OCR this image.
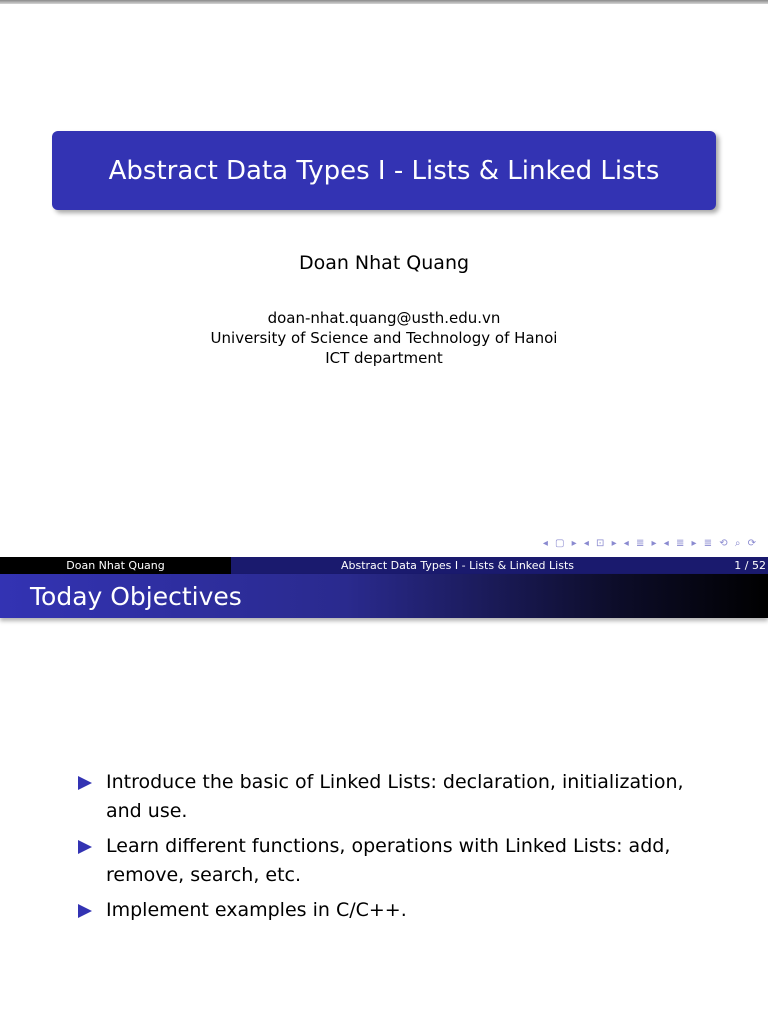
Abstract Data Types I - Lists & Linked Lists
Doan Nhat Quang
doan-nhat.quang@usth.edu.vn
University of Science and Technology of Hanoi
ICT department
◂ ▢ ▸ ◂ ⊡ ▸ ◂ ≣ ▸ ◂ ≣ ▸ ≣ ⟲ ⌕ ⟳
Doan Nhat Quang	Abstract Data Types I - Lists & Linked Lists	1 / 52
Today Objectives
Introduce the basic of Linked Lists: declaration, initialization, and use.
Learn different functions, operations with Linked Lists: add, remove, search, etc.
Implement examples in C/C++.
